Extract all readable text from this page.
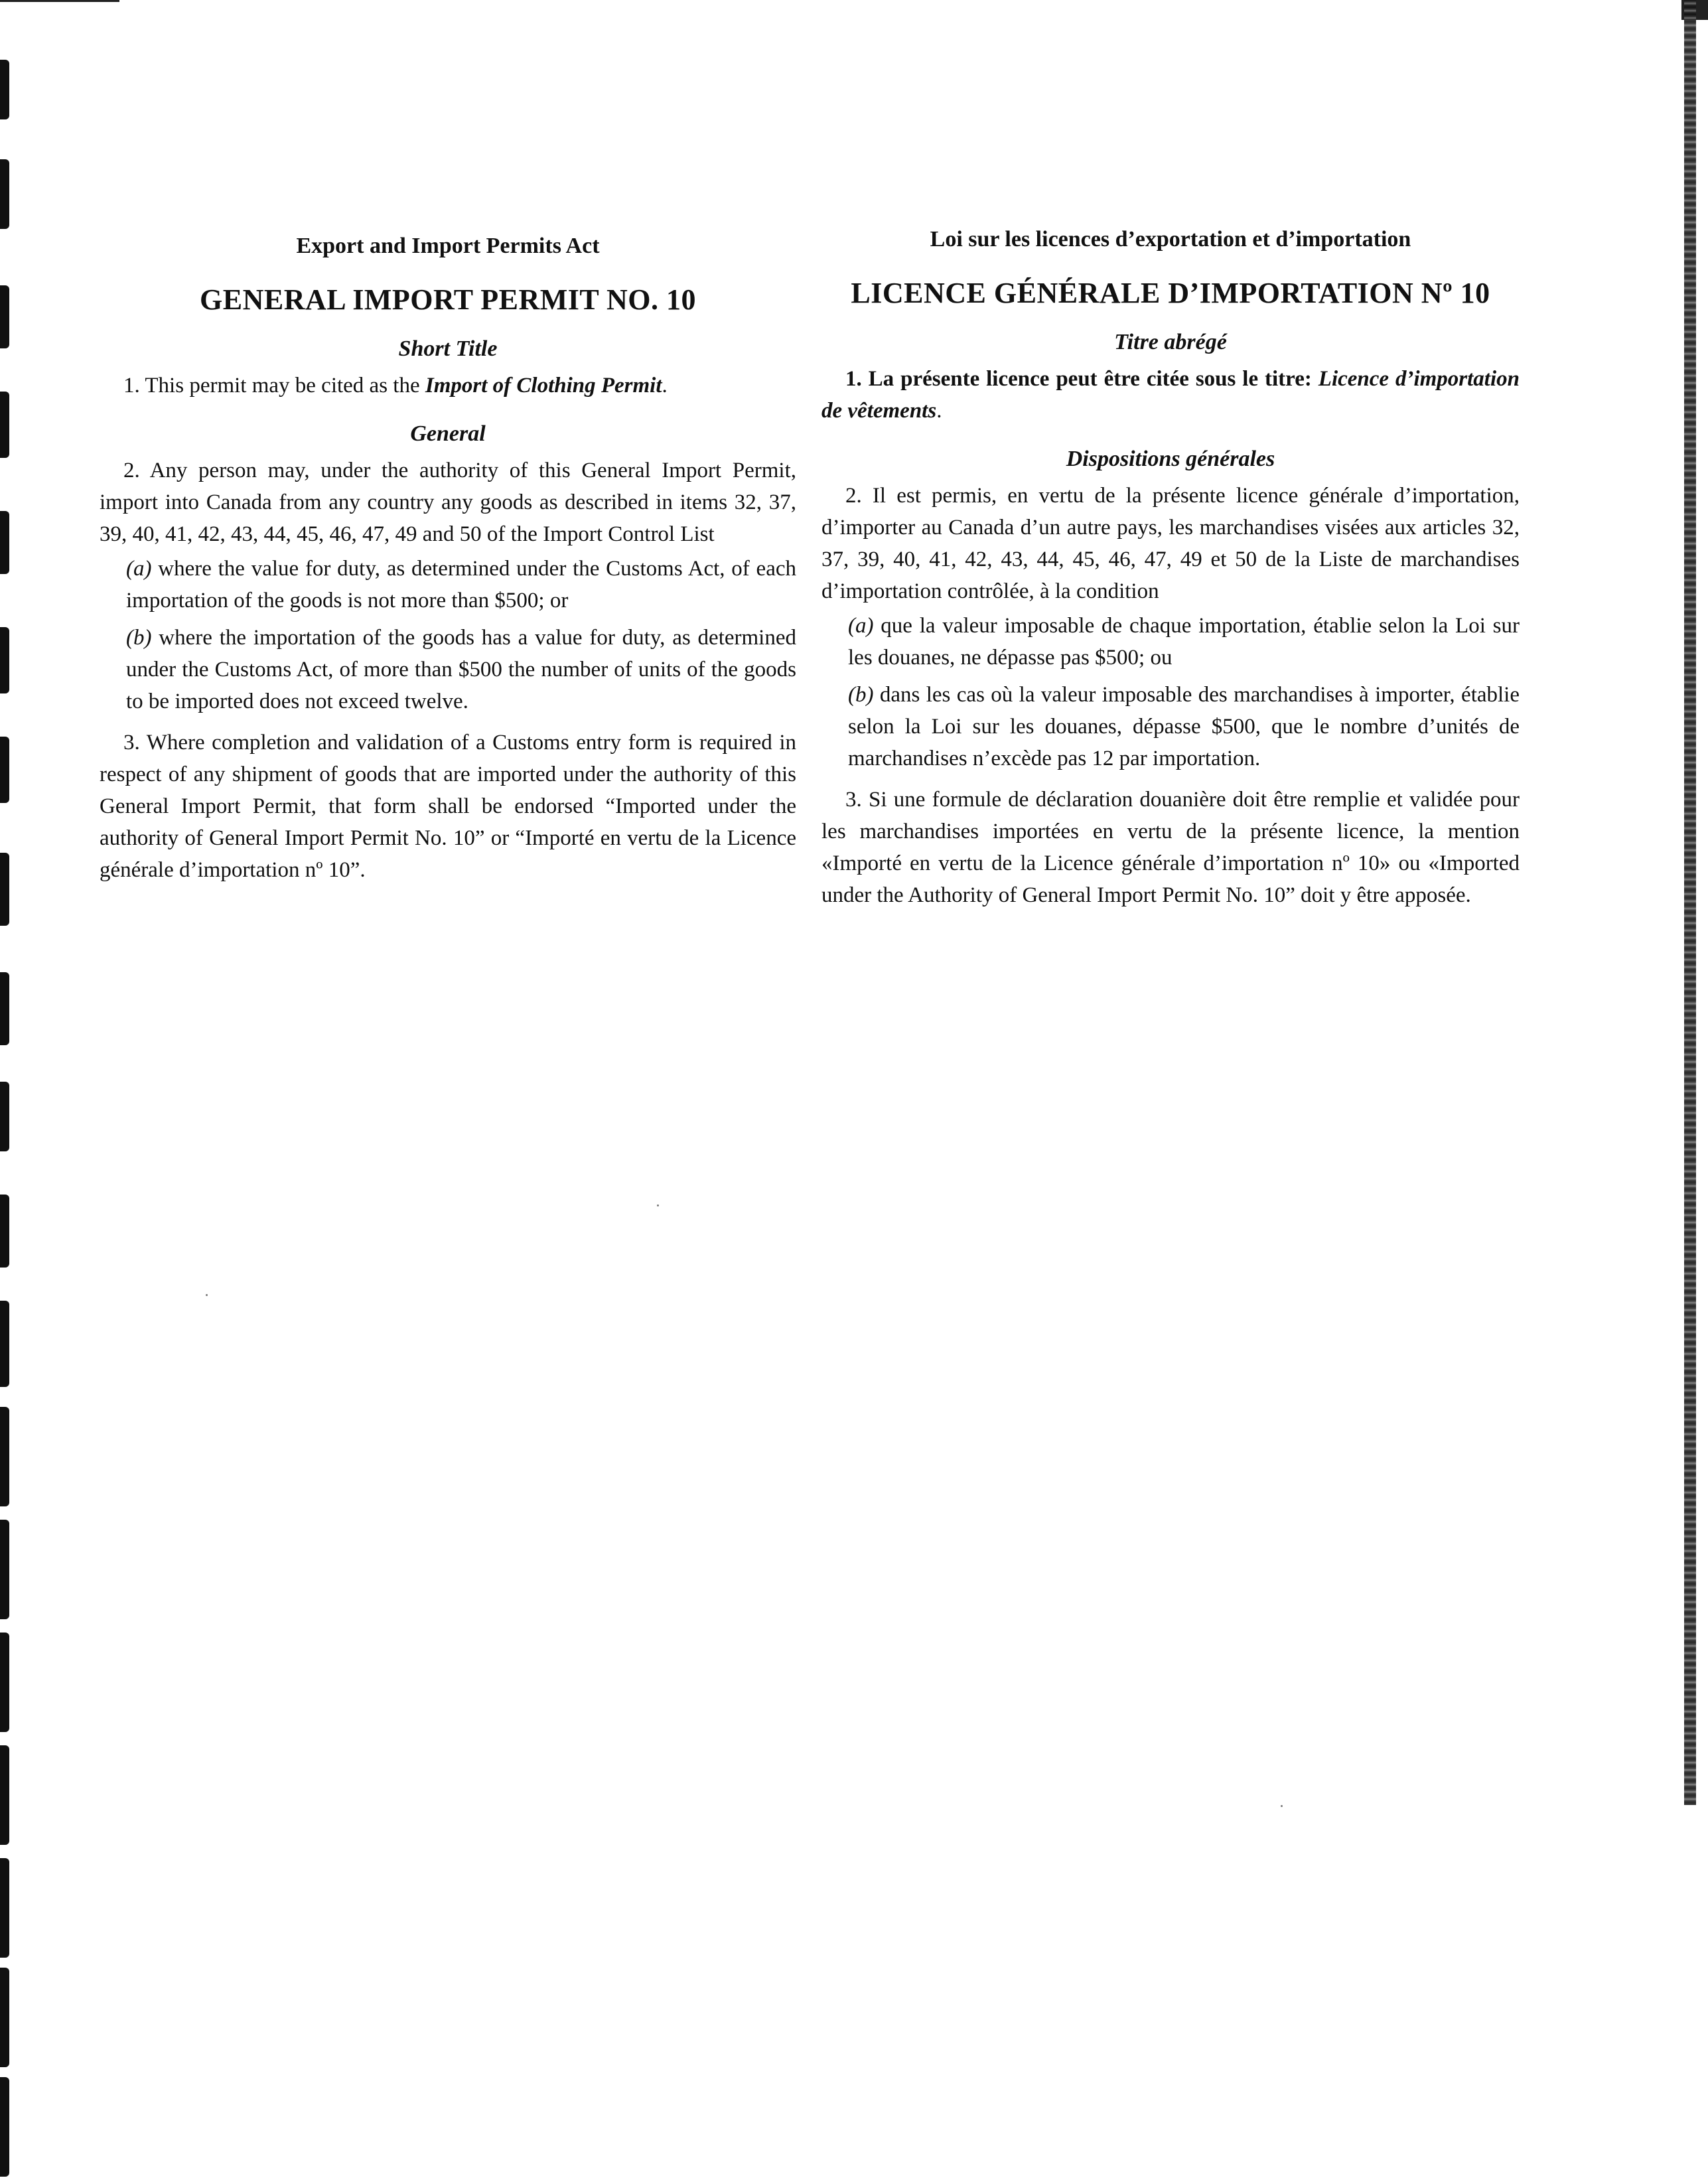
Export and Import Permits Act
GENERAL IMPORT PERMIT NO. 10
Short Title

1. This permit may be cited as the Import of Clothing Permit.

General

2. Any person may, under the authority of this General Import Permit, import into Canada from any country any goods as described in items 32, 37, 39, 40, 41, 42, 43, 44, 45, 46, 47, 49 and 50 of the Import Control List

(a) where the value for duty, as determined under the Customs Act, of each importation of the goods is not more than $500; or

(b) where the importation of the goods has a value for duty, as determined under the Customs Act, of more than $500 the number of units of the goods to be imported does not exceed twelve.

3. Where completion and validation of a Customs entry form is required in respect of any shipment of goods that are imported under the authority of this General Import Permit, that form shall be endorsed “Imported under the authority of General Import Permit No. 10” or “Importé en vertu de la Licence générale d’importation nº 10”.

Loi sur les licences d’exportation et d’importation
LICENCE GÉNÉRALE D’IMPORTATION Nº 10
Titre abrégé

1. La présente licence peut être citée sous le titre: Licence d’importation de vêtements.

Dispositions générales

2. Il est permis, en vertu de la présente licence générale d’importation, d’importer au Canada d’un autre pays, les marchandises visées aux articles 32, 37, 39, 40, 41, 42, 43, 44, 45, 46, 47, 49 et 50 de la Liste de marchandises d’importation contrôlée, à la condition

(a) que la valeur imposable de chaque importation, établie selon la Loi sur les douanes, ne dépasse pas $500; ou

(b) dans les cas où la valeur imposable des marchandises à importer, établie selon la Loi sur les douanes, dépasse $500, que le nombre d’unités de marchandises n’excède pas 12 par importation.

3. Si une formule de déclaration douanière doit être remplie et validée pour les marchandises importées en vertu de la présente licence, la mention «Importé en vertu de la Licence générale d’importation nº 10» ou «Imported under the Authority of General Import Permit No. 10” doit y être apposée.
